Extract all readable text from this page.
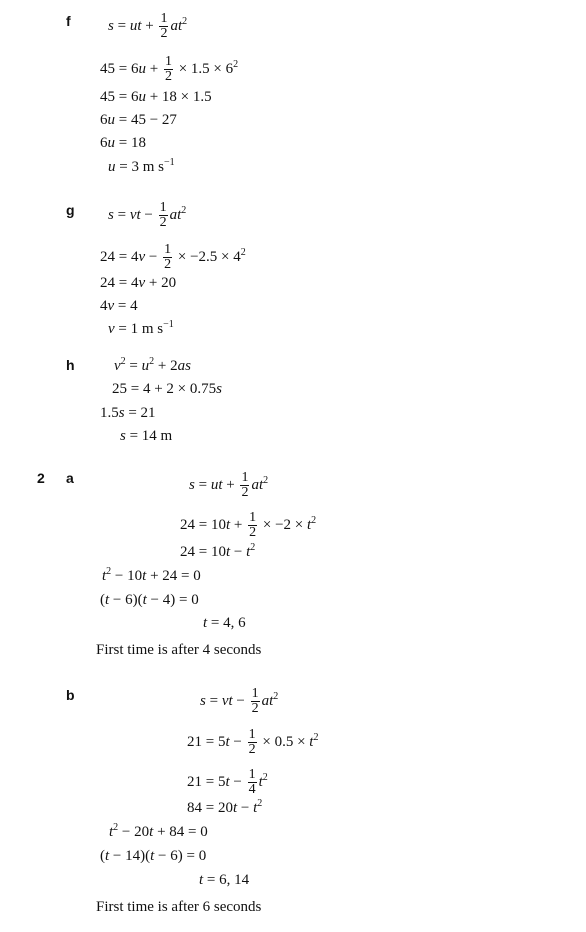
f s = ut + $\frac{1}{2} at^2$
$45 = 6u + \frac{1}{2} \times 1.5 \times 6^2$
45 = 6u + 18 × 1.5
6u = 45 − 27
6u = 18
u = 3 m $s^{-1}$
g s = vt − $\frac{1}{2} at^2$
$24 = 4v - \frac{1}{2} \times -2.5 \times 4^2$
24 = 4v + 20
4v = 4
v = 1 m $s^{-1}$
h	$v^2 = u^2 + 2as$
25 = 4 + 2 × 0.75s
1.5s = 21
s = 14 m
2 a	s = ut + $\frac{1}{2} at^2$
$24 = 10t + \frac{1}{2} \times -2 \times t^2$
$24 = 10t - t^2$
$t^2 - 10t + 24 = 0$
(t − 6)(t − 4) = 0
t = 4, 6
First time is after 4 seconds
b	s = vt − $\frac{1}{2} at^2$
$21 = 5t - \frac{1}{2} \times 0.5 \times t^2$
$21 = 5t - \frac{1}{4} t^2$
$84 = 20t - t^2$
$t^2 - 20t + 84 = 0$
(t − 14)(t − 6) = 0
t = 6, 14
First time is after 6 seconds
